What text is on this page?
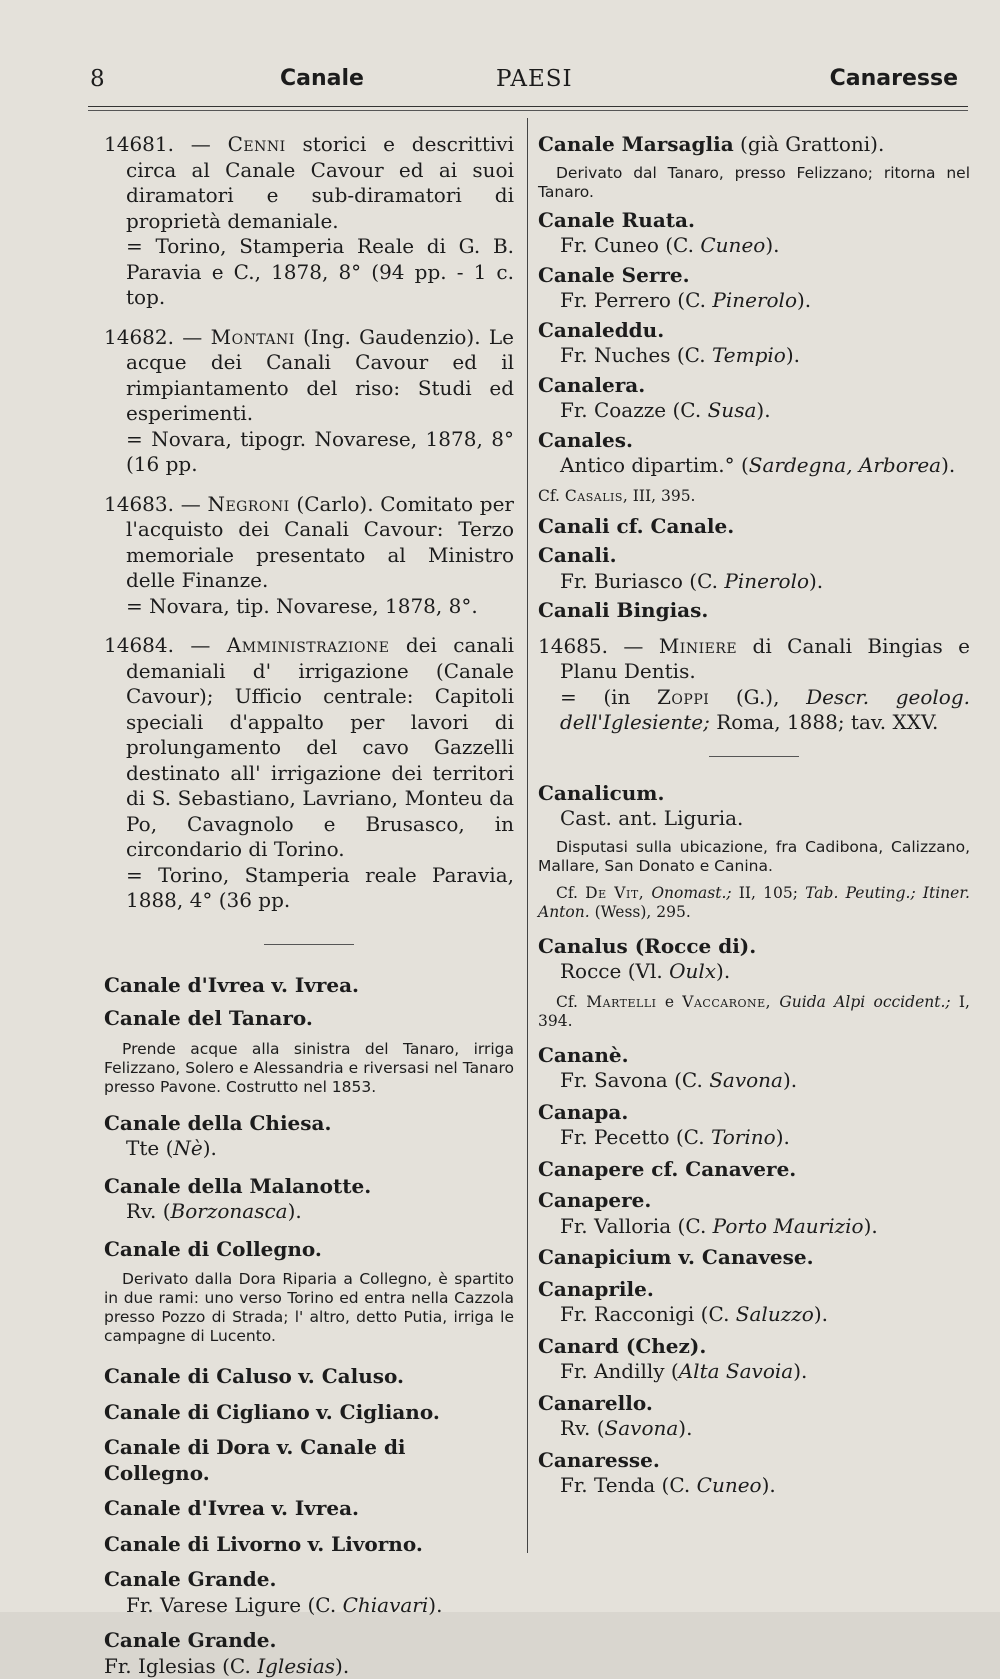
8	Canale	PAESI	Canaresse

14681. — Cenni storici e descrittivi circa al Canale Cavour ed ai suoi diramatori e sub-diramatori di proprietà demaniale.

= Torino, Stamperia Reale di G. B. Paravia e C., 1878, 8° (94 pp. - 1 c. top.

14682. — Montani (Ing. Gaudenzio). Le acque dei Canali Cavour ed il rimpiantamento del riso: Studi ed esperimenti.

= Novara, tipogr. Novarese, 1878, 8° (16 pp.

14683. — Negroni (Carlo). Comitato per l'acquisto dei Canali Cavour: Terzo memoriale presentato al Ministro delle Finanze.

= Novara, tip. Novarese, 1878, 8°.

14684. — Amministrazione dei canali demaniali d' irrigazione (Canale Cavour); Ufficio centrale: Capitoli speciali d'appalto per lavori di prolungamento del cavo Gazzelli destinato all' irrigazione dei territori di S. Sebastiano, Lavriano, Monteu da Po, Cavagnolo e Brusasco, in circondario di Torino.

= Torino, Stamperia reale Paravia, 1888, 4° (36 pp.

Canale d'Ivrea v. Ivrea.

Canale del Tanaro.

Prende acque alla sinistra del Tanaro, irriga Felizzano, Solero e Alessandria e riversasi nel Tanaro presso Pavone. Costrutto nel 1853.

Canale della Chiesa.

Tte (Nè).

Canale della Malanotte.

Rv. (Borzonasca).

Canale di Collegno.

Derivato dalla Dora Riparia a Collegno, è spartito in due rami: uno verso Torino ed entra nella Cazzola presso Pozzo di Strada; l' altro, detto Putia, irriga le campagne di Lucento.

Canale di Caluso v. Caluso.

Canale di Cigliano v. Cigliano.

Canale di Dora v. Canale di Collegno.

Canale d'Ivrea v. Ivrea.

Canale di Livorno v. Livorno.

Canale Grande.

Fr. Varese Ligure (C. Chiavari).

Canale Grande.

Fr. Iglesias (C. Iglesias).

Canale Marsaglia (già Grattoni).

Derivato dal Tanaro, presso Felizzano; ritorna nel Tanaro.

Canale Ruata.

Fr. Cuneo (C. Cuneo).

Canale Serre.

Fr. Perrero (C. Pinerolo).

Canaleddu.

Fr. Nuches (C. Tempio).

Canalera.

Fr. Coazze (C. Susa).

Canales.

Antico dipartim.° (Sardegna, Arborea).

Cf. Casalis, III, 395.

Canali cf. Canale.

Canali.

Fr. Buriasco (C. Pinerolo).

Canali Bingias.

14685. — Miniere di Canali Bingias e Planu Dentis.

= (in Zoppi (G.), Descr. geolog. dell'Iglesiente; Roma, 1888; tav. XXV.

Canalicum.

Cast. ant. Liguria.

Disputasi sulla ubicazione, fra Cadibona, Calizzano, Mallare, San Donato e Canina.

Cf. De Vit, Onomast.; II, 105; Tab. Peuting.; Itiner. Anton. (Wess), 295.

Canalus (Rocce di).

Rocce (Vl. Oulx).

Cf. Martelli e Vaccarone, Guida Alpi occident.; I, 394.

Cananè.

Fr. Savona (C. Savona).

Canapa.

Fr. Pecetto (C. Torino).

Canapere cf. Canavere.

Canapere.

Fr. Valloria (C. Porto Maurizio).

Canapicium v. Canavese.

Canaprile.

Fr. Racconigi (C. Saluzzo).

Canard (Chez).

Fr. Andilly (Alta Savoia).

Canarello.

Rv. (Savona).

Canaresse.

Fr. Tenda (C. Cuneo).
